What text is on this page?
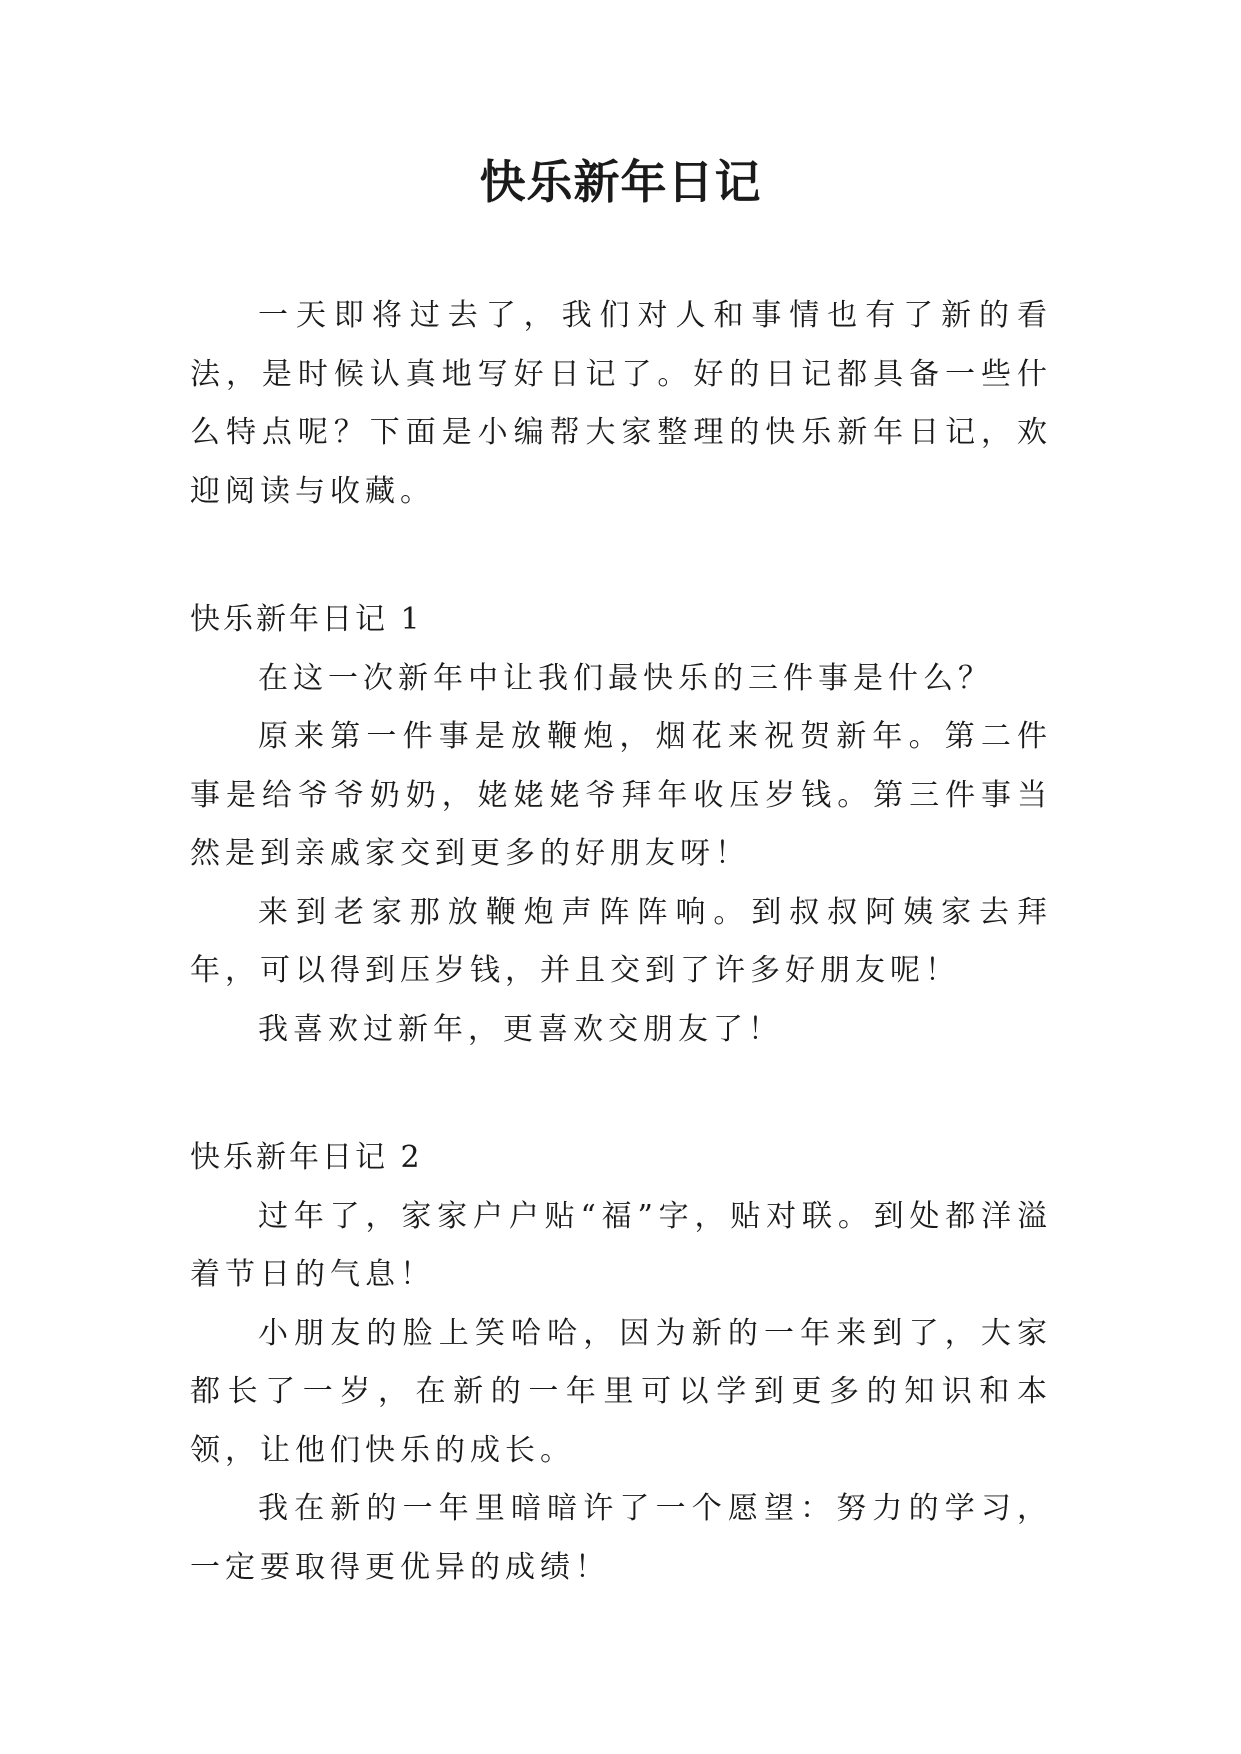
快乐新年日记

一天即将过去了，我们对人和事情也有了新的看法，是时候认真地写好日记了。好的日记都具备一些什么特点呢？下面是小编帮大家整理的快乐新年日记，欢迎阅读与收藏。

快乐新年日记 1

在这一次新年中让我们最快乐的三件事是什么？

原来第一件事是放鞭炮，烟花来祝贺新年。第二件事是给爷爷奶奶，姥姥姥爷拜年收压岁钱。第三件事当然是到亲戚家交到更多的好朋友呀！

来到老家那放鞭炮声阵阵响。到叔叔阿姨家去拜年，可以得到压岁钱，并且交到了许多好朋友呢！

我喜欢过新年，更喜欢交朋友了！

快乐新年日记 2

过年了，家家户户贴“福”字，贴对联。到处都洋溢着节日的气息！

小朋友的脸上笑哈哈，因为新的一年来到了，大家都长了一岁，在新的一年里可以学到更多的知识和本领，让他们快乐的成长。

我在新的一年里暗暗许了一个愿望：努力的学习，一定要取得更优异的成绩！
